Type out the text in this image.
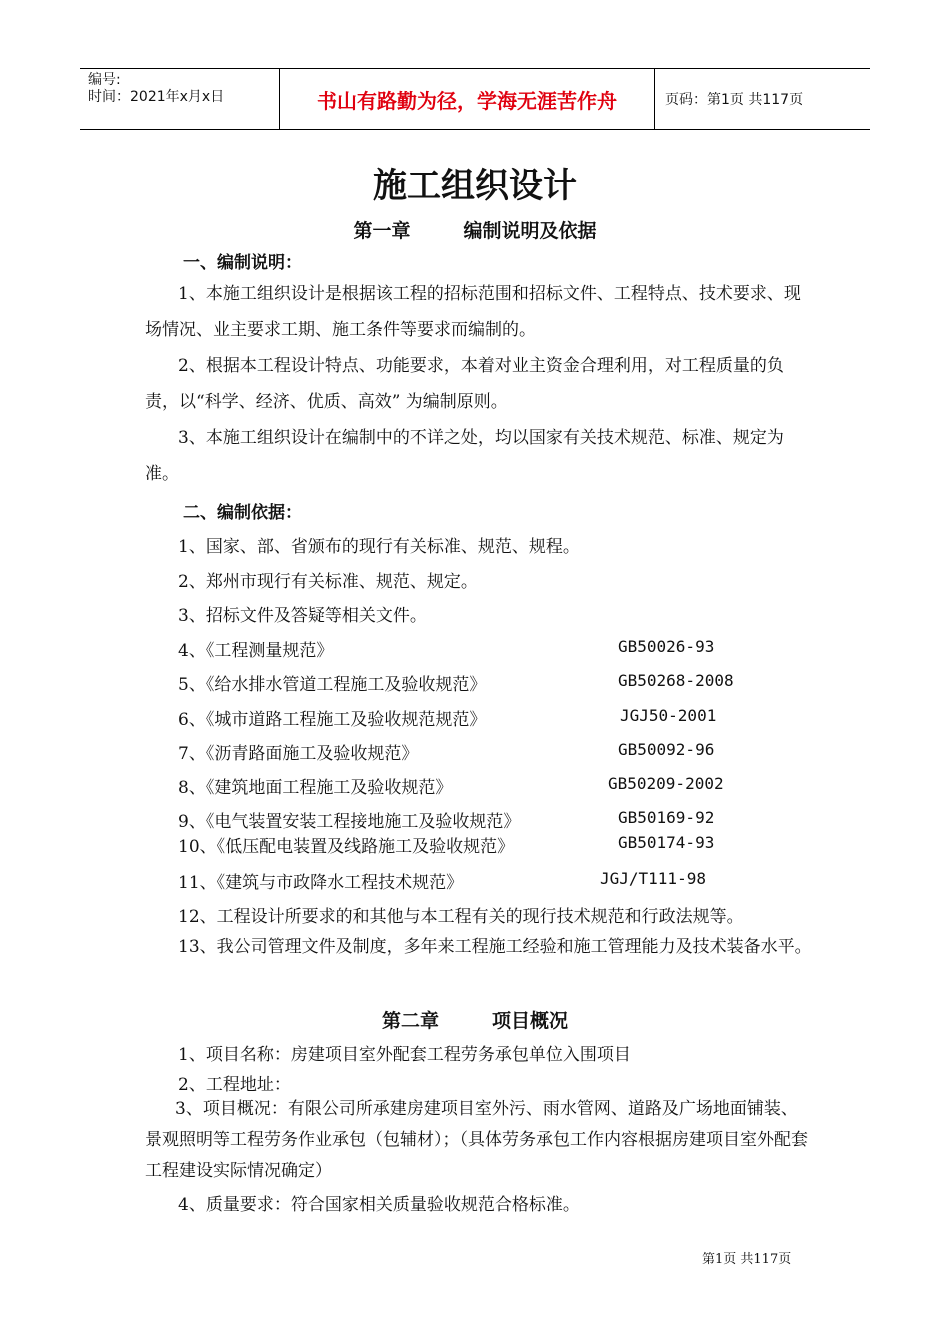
编号:
时间：2021年x月x日	书山有路勤为径，学海无涯苦作舟	页码：第1页 共117页
施工组织设计
第一章        编制说明及依据
一、编制说明：

1、本施工组织设计是根据该工程的招标范围和招标文件、工程特点、技术要求、现场情况、业主要求工期、施工条件等要求而编制的。

2、根据本工程设计特点、功能要求，本着对业主资金合理利用，对工程质量的负责，以“科学、经济、优质、高效” 为编制原则。

3、本施工组织设计在编制中的不详之处，均以国家有关技术规范、标准、规定为准。

二、编制依据：
1、国家、部、省颁布的现行有关标准、规范、规程。
2、郑州市现行有关标准、规范、规定。
3、招标文件及答疑等相关文件。
4、《工程测量规范》	GB50026-93
5、《给水排水管道工程施工及验收规范》	GB50268-2008
6、《城市道路工程施工及验收规范规范》	JGJ50-2001
7、《沥青路面施工及验收规范》	GB50092-96
8、《建筑地面工程施工及验收规范》	GB50209-2002
9、《电气装置安装工程接地施工及验收规范》	GB50169-92
10、《低压配电装置及线路施工及验收规范》	GB50174-93
11、《建筑与市政降水工程技术规范》	JGJ/T111-98
12、工程设计所要求的和其他与本工程有关的现行技术规范和行政法规等。

13、我公司管理文件及制度，多年来工程施工经验和施工管理能力及技术装备水平。

第二章        项目概况
1、项目名称：房建项目室外配套工程劳务承包单位入围项目
2、工程地址：

3、项目概况：有限公司所承建房建项目室外污、雨水管网、道路及广场地面铺装、景观照明等工程劳务作业承包（包辅材）；（具体劳务承包工作内容根据房建项目室外配套工程建设实际情况确定）

4、质量要求：符合国家相关质量验收规范合格标准。
第1页 共117页
